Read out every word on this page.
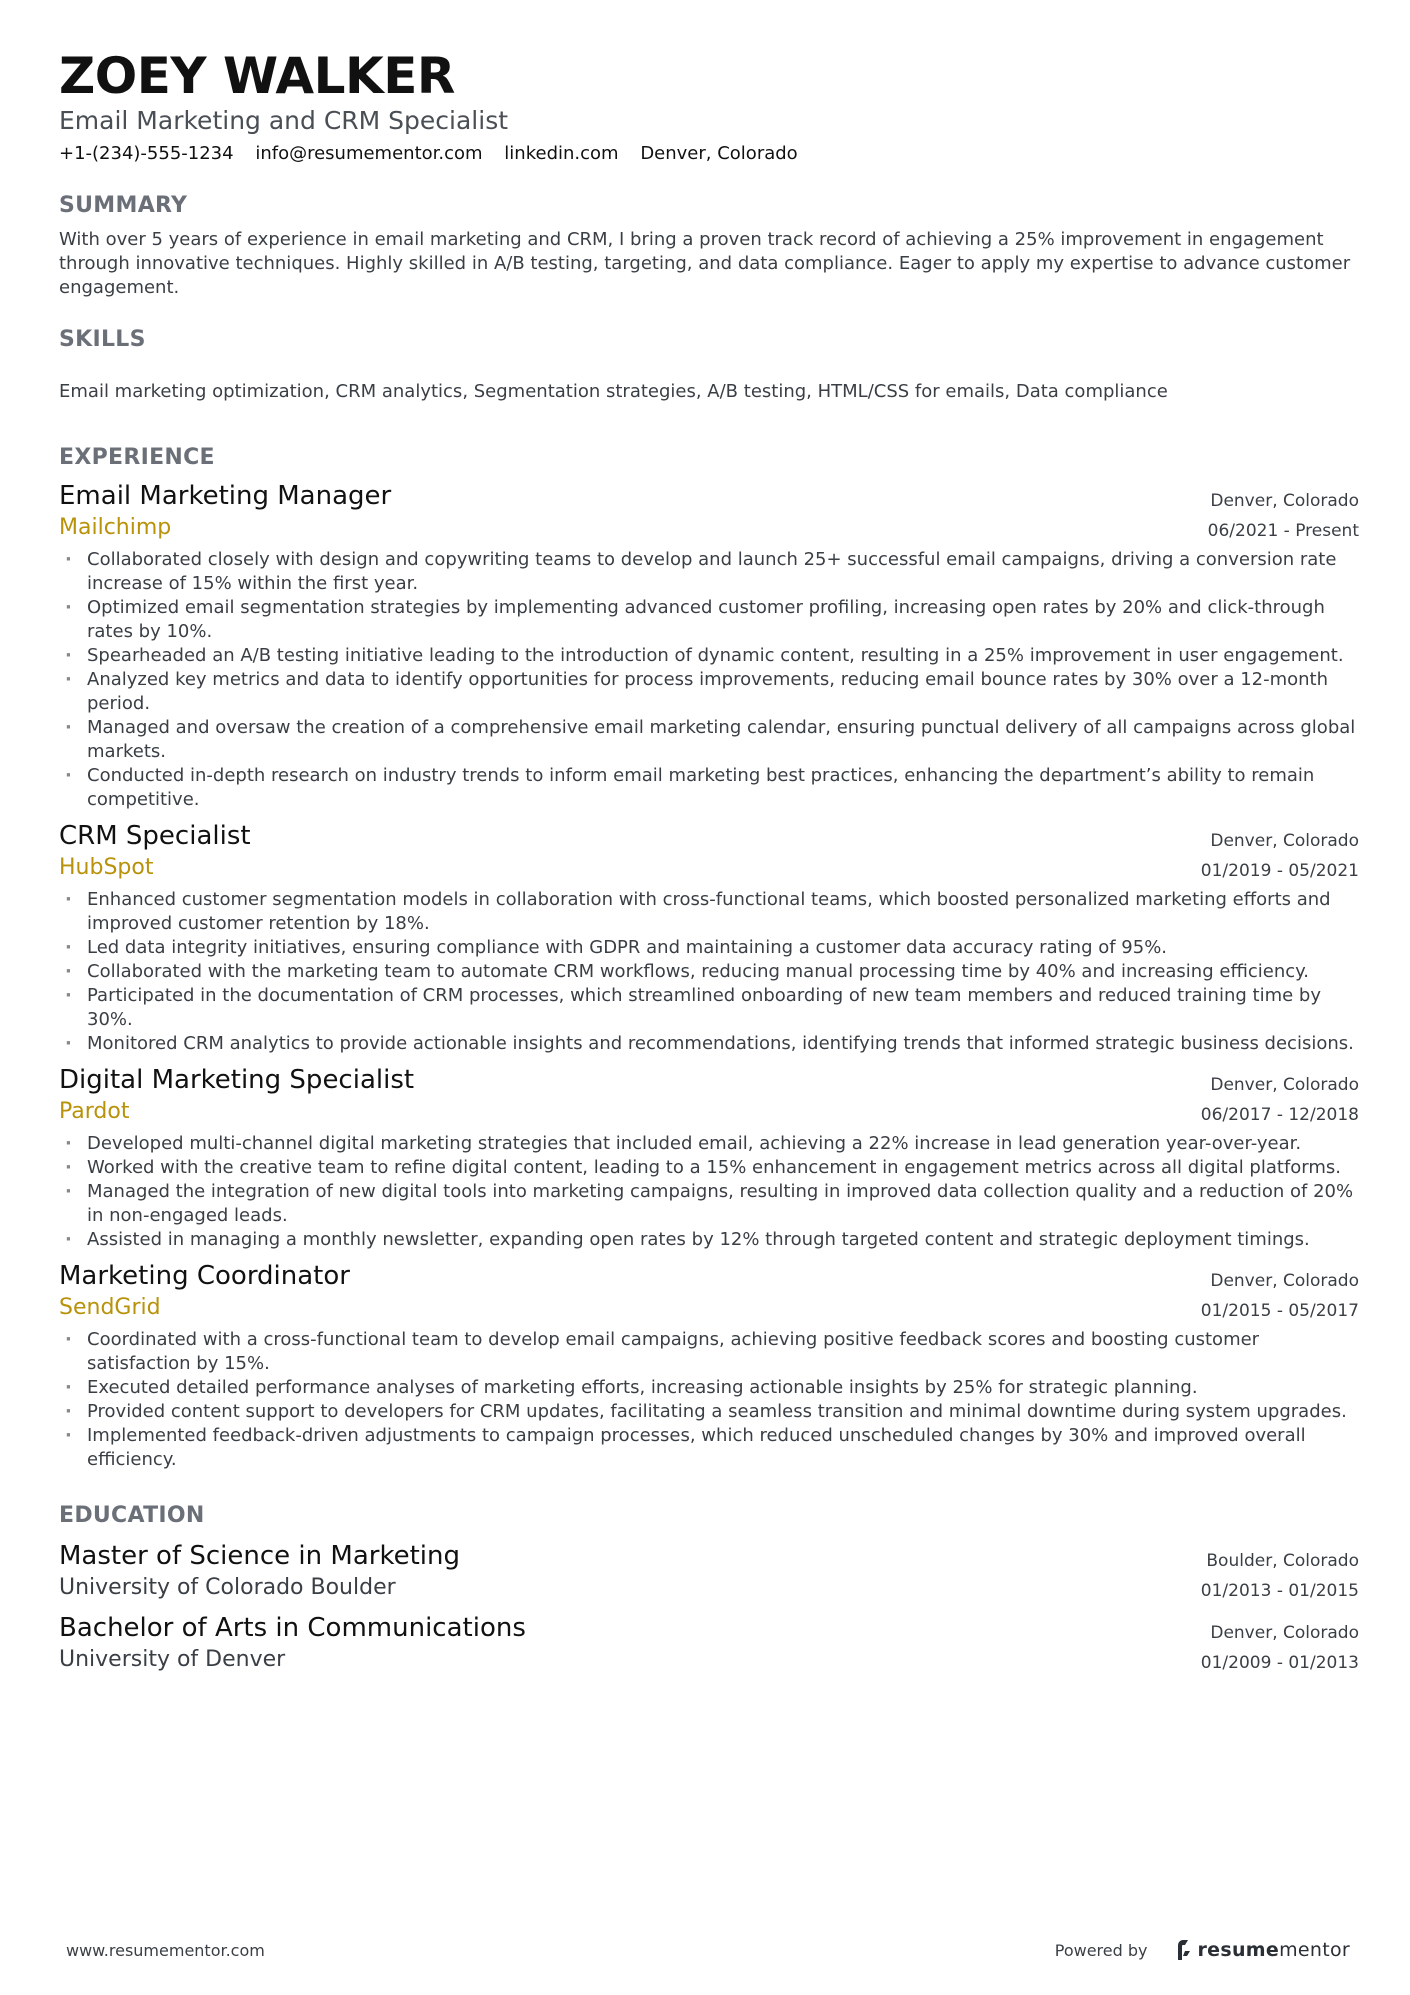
ZOEY WALKER
Email Marketing and CRM Specialist
+1-(234)-555-1234 info@resumementor.com linkedin.com Denver, Colorado
SUMMARY
With over 5 years of experience in email marketing and CRM, I bring a proven track record of achieving a 25% improvement in engagement through innovative techniques. Highly skilled in A/B testing, targeting, and data compliance. Eager to apply my expertise to advance customer engagement.
SKILLS
Email marketing optimization, CRM analytics, Segmentation strategies, A/B testing, HTML/CSS for emails, Data compliance
EXPERIENCE
Email Marketing Manager	Denver, Colorado
Mailchimp	06/2021 - Present
· Collaborated closely with design and copywriting teams to develop and launch 25+ successful email campaigns, driving a conversion rate increase of 15% within the first year.
· Optimized email segmentation strategies by implementing advanced customer profiling, increasing open rates by 20% and click-through rates by 10%.
· Spearheaded an A/B testing initiative leading to the introduction of dynamic content, resulting in a 25% improvement in user engagement.
· Analyzed key metrics and data to identify opportunities for process improvements, reducing email bounce rates by 30% over a 12-month period.
· Managed and oversaw the creation of a comprehensive email marketing calendar, ensuring punctual delivery of all campaigns across global markets.
· Conducted in-depth research on industry trends to inform email marketing best practices, enhancing the department’s ability to remain competitive.
CRM Specialist	Denver, Colorado
HubSpot	01/2019 - 05/2021
· Enhanced customer segmentation models in collaboration with cross-functional teams, which boosted personalized marketing efforts and improved customer retention by 18%.
· Led data integrity initiatives, ensuring compliance with GDPR and maintaining a customer data accuracy rating of 95%.
· Collaborated with the marketing team to automate CRM workflows, reducing manual processing time by 40% and increasing efficiency.
· Participated in the documentation of CRM processes, which streamlined onboarding of new team members and reduced training time by 30%.
· Monitored CRM analytics to provide actionable insights and recommendations, identifying trends that informed strategic business decisions.
Digital Marketing Specialist	Denver, Colorado
Pardot	06/2017 - 12/2018
· Developed multi-channel digital marketing strategies that included email, achieving a 22% increase in lead generation year-over-year.
· Worked with the creative team to refine digital content, leading to a 15% enhancement in engagement metrics across all digital platforms.
· Managed the integration of new digital tools into marketing campaigns, resulting in improved data collection quality and a reduction of 20% in non-engaged leads.
· Assisted in managing a monthly newsletter, expanding open rates by 12% through targeted content and strategic deployment timings.
Marketing Coordinator	Denver, Colorado
SendGrid	01/2015 - 05/2017
· Coordinated with a cross-functional team to develop email campaigns, achieving positive feedback scores and boosting customer satisfaction by 15%.
· Executed detailed performance analyses of marketing efforts, increasing actionable insights by 25% for strategic planning.
· Provided content support to developers for CRM updates, facilitating a seamless transition and minimal downtime during system upgrades.
· Implemented feedback-driven adjustments to campaign processes, which reduced unscheduled changes by 30% and improved overall efficiency.
EDUCATION
Master of Science in Marketing	Boulder, Colorado
University of Colorado Boulder	01/2013 - 01/2015
Bachelor of Arts in Communications	Denver, Colorado
University of Denver	01/2009 - 01/2013
www.resumementor.com	Powered by	resume mentor
